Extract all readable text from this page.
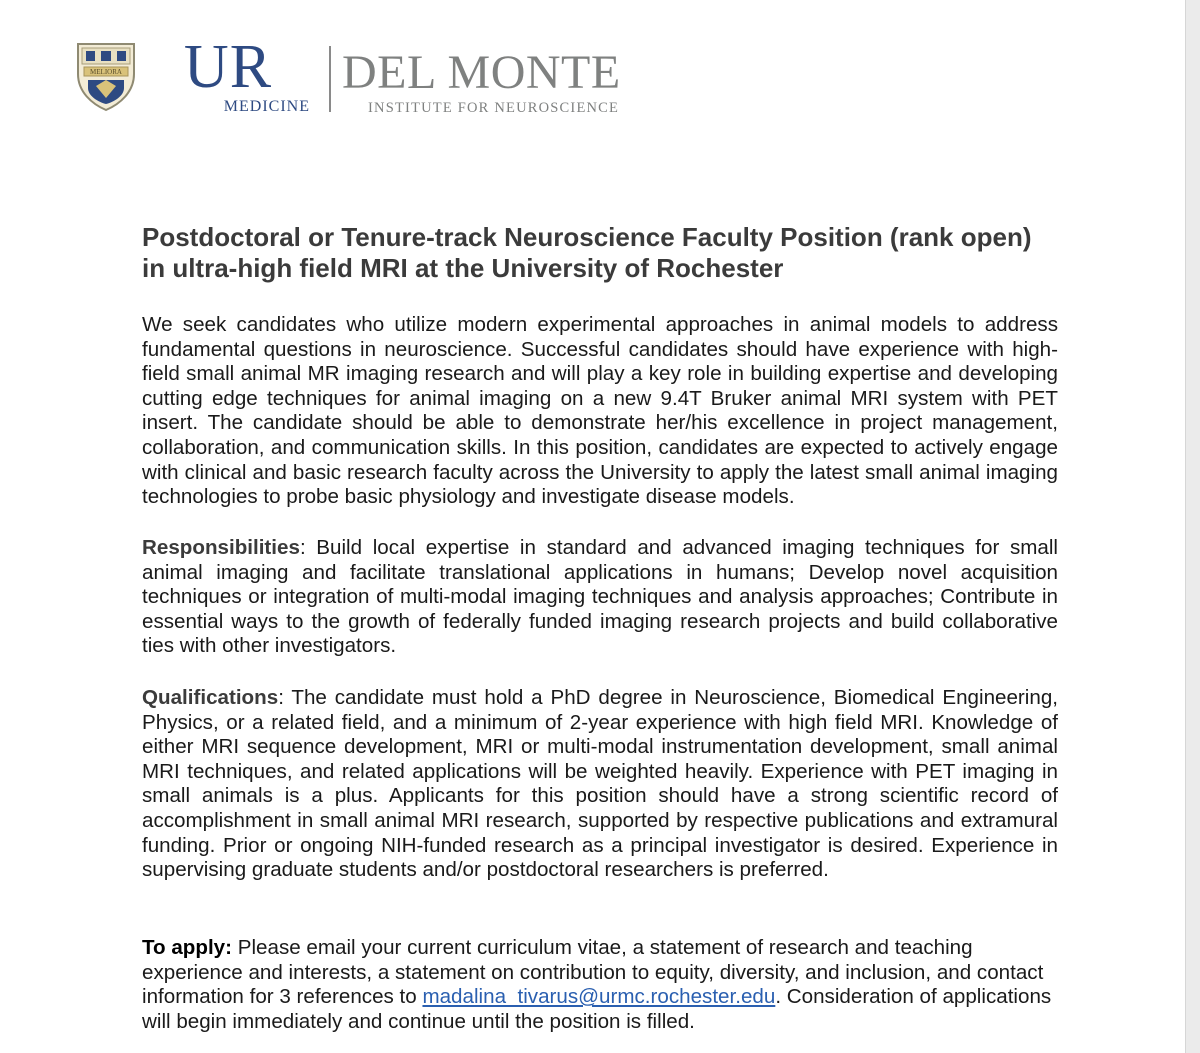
MELIORA UR
MEDICINE
DEL MONTE
INSTITUTE FOR NEUROSCIENCE
Postdoctoral or Tenure-track Neuroscience Faculty Position (rank open) in ultra-high field MRI at the University of Rochester

We seek candidates who utilize modern experimental approaches in animal models to address fundamental questions in neuroscience. Successful candidates should have experience with high-field small animal MR imaging research and will play a key role in building expertise and developing cutting edge techniques for animal imaging on a new 9.4T Bruker animal MRI system with PET insert. The candidate should be able to demonstrate her/his excellence in project management, collaboration, and communication skills. In this position, candidates are expected to actively engage with clinical and basic research faculty across the University to apply the latest small animal imaging technologies to probe basic physiology and investigate disease models.

Responsibilities: Build local expertise in standard and advanced imaging techniques for small animal imaging and facilitate translational applications in humans; Develop novel acquisition techniques or integration of multi-modal imaging techniques and analysis approaches; Contribute in essential ways to the growth of federally funded imaging research projects and build collaborative ties with other investigators.

Qualifications: The candidate must hold a PhD degree in Neuroscience, Biomedical Engineering, Physics, or a related field, and a minimum of 2-year experience with high field MRI. Knowledge of either MRI sequence development, MRI or multi-modal instrumentation development, small animal MRI techniques, and related applications will be weighted heavily. Experience with PET imaging in small animals is a plus. Applicants for this position should have a strong scientific record of accomplishment in small animal MRI research, supported by respective publications and extramural funding. Prior or ongoing NIH-funded research as a principal investigator is desired. Experience in supervising graduate students and/or postdoctoral researchers is preferred.

To apply: Please email your current curriculum vitae, a statement of research and teaching experience and interests, a statement on contribution to equity, diversity, and inclusion, and contact information for 3 references to madalina_tivarus@urmc.rochester.edu. Consideration of applications will begin immediately and continue until the position is filled.
